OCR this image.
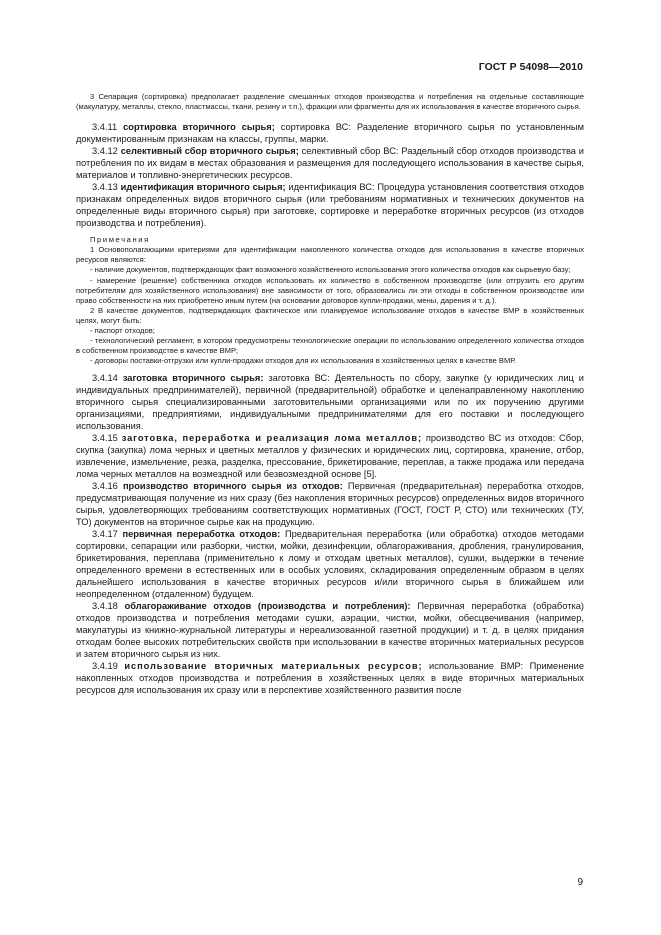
ГОСТ Р 54098—2010

3 Сепарация (сортировка) предполагает разделение смешанных отходов производства и потребления на отдельные составляющие (макулатуру, металлы, стекло, пластмассы, ткани, резину и т.п.), фракции или фрагменты для их использования в качестве вторичного сырья.

3.4.11 сортировка вторичного сырья; сортировка ВС: Разделение вторичного сырья по установленным документированным признакам на классы, группы, марки.

3.4.12 селективный сбор вторичного сырья; селективный сбор ВС: Раздельный сбор отходов производства и потребления по их видам в местах образования и размещения для последующего использования в качестве сырья, материалов и топливно-энергетических ресурсов.

3.4.13 идентификация вторичного сырья; идентификация ВС: Процедура установления соответствия отходов признакам определенных видов вторичного сырья (или требованиям нормативных и технических документов на определенные виды вторичного сырья) при заготовке, сортировке и переработке вторичных ресурсов (из отходов производства и потребления).

Примечания

1 Основополагающими критериями для идентификации накопленного количества отходов для использования в качестве вторичных ресурсов являются:

- наличие документов, подтверждающих факт возможного хозяйственного использования этого количества отходов как сырьевую базу;

- намерение (решение) собственника отходов использовать их количество в собственном производстве (или отгрузить его другим потребителям для хозяйственного использования) вне зависимости от того, образовались ли эти отходы в собственном производстве или право собственности на них приобретено иным путем (на основании договоров купли-продажи, мены, дарения и т. д.).

2 В качестве документов, подтверждающих фактическое или планируемое использование отходов в качестве ВМР в хозяйственных целях, могут быть:

- паспорт отходов;

- технологический регламент, в котором предусмотрены технологические операции по использованию определенного количества отходов в собственном производстве в качестве ВМР;

- договоры поставки-отгрузки или купли-продажи отходов для их использования в хозяйственных целях в качестве ВМР.

3.4.14 заготовка вторичного сырья: заготовка ВС: Деятельность по сбору, закупке (у юридических лиц и индивидуальных предпринимателей), первичной (предварительной) обработке и целенаправленному накоплению вторичного сырья специализированными заготовительными организациями или по их поручению другими организациями, предприятиями, индивидуальными предпринимателями для его поставки и последующего использования.

3.4.15 заготовка, переработка и реализация лома металлов; производство ВС из отходов: Сбор, скупка (закупка) лома черных и цветных металлов у физических и юридических лиц, сортировка, хранение, отбор, извлечение, измельчение, резка, разделка, прессование, брикетирование, переплав, а также продажа или передача лома черных металлов на возмездной или безвозмездной основе [5].

3.4.16 производство вторичного сырья из отходов: Первичная (предварительная) переработка отходов, предусматривающая получение из них сразу (без накопления вторичных ресурсов) определенных видов вторичного сырья, удовлетворяющих требованиям соответствующих нормативных (ГОСТ, ГОСТ Р, СТО) или технических (ТУ, ТО) документов на вторичное сырье как на продукцию.

3.4.17 первичная переработка отходов: Предварительная переработка (или обработка) отходов методами сортировки, сепарации или разборки, чистки, мойки, дезинфекции, облагораживания, дробления, гранулирования, брикетирования, переплава (применительно к лому и отходам цветных металлов), сушки, выдержки в течение определенного времени в естественных или в особых условиях, складирования определенным образом в целях дальнейшего использования в качестве вторичных ресурсов и/или вторичного сырья в ближайшем или неопределенном (отдаленном) будущем.

3.4.18 облагораживание отходов (производства и потребления): Первичная переработка (обработка) отходов производства и потребления методами сушки, аэрации, чистки, мойки, обесцвечивания (например, макулатуры из книжно-журнальной литературы и нереализованной газетной продукции) и т. д. в целях придания отходам более высоких потребительских свойств при использовании в качестве вторичных материальных ресурсов и затем вторичного сырья из них.

3.4.19 использование вторичных материальных ресурсов; использование ВМР: Применение накопленных отходов производства и потребления в хозяйственных целях в виде вторичных материальных ресурсов для использования их сразу или в перспективе хозяйственного развития после

9
